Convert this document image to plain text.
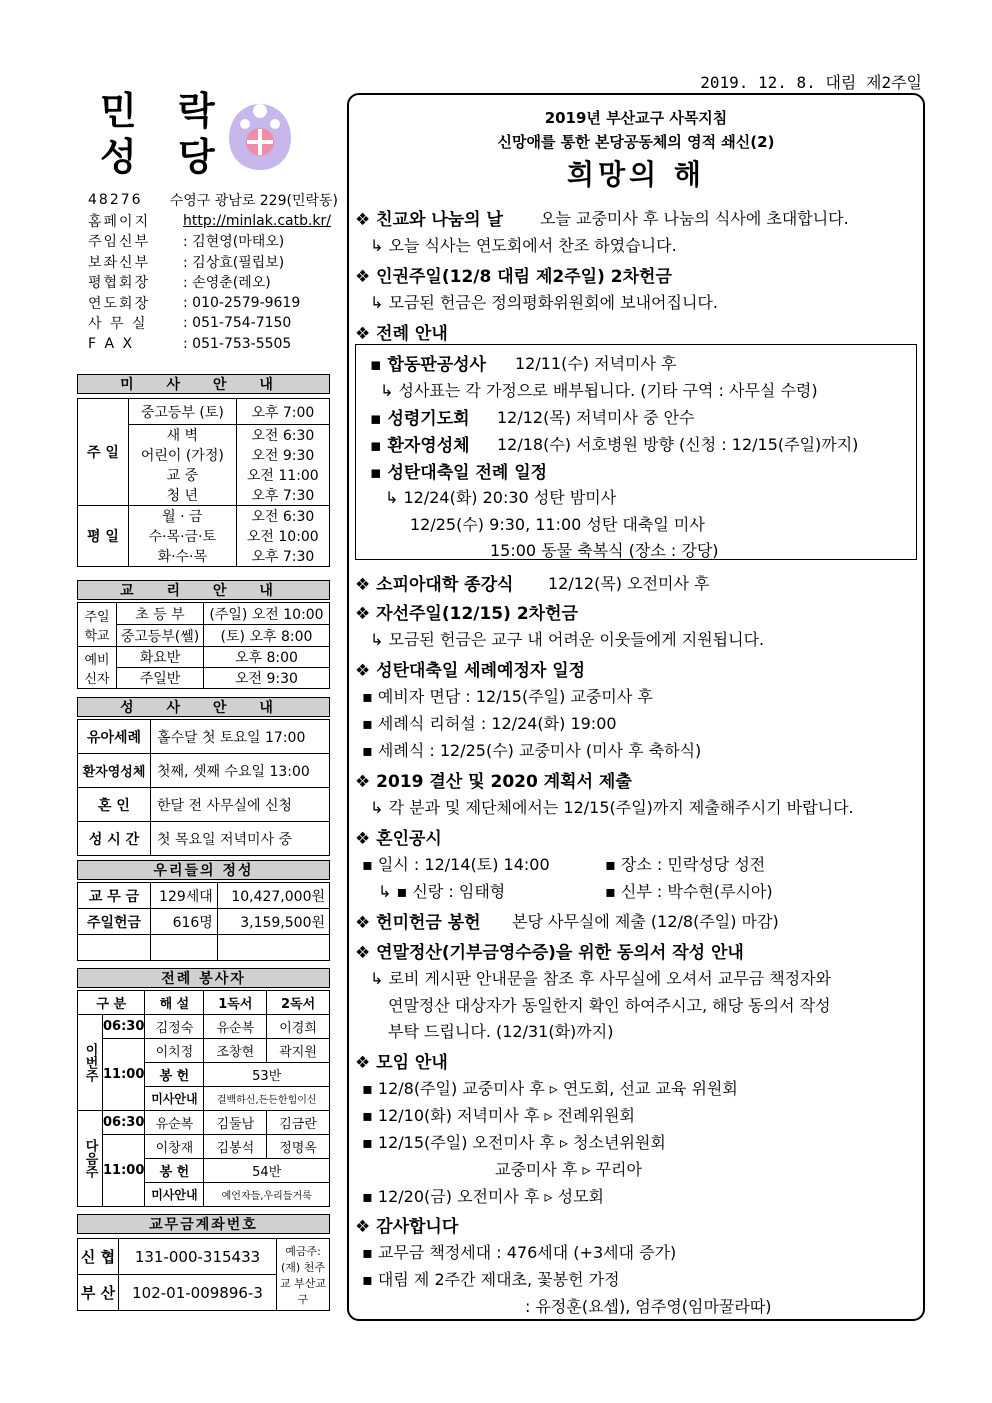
2019. 12. 8. 대림 제2주일
민 락
성 당
48276	수영구 광남로 229(민락동)
홈페이지	http://minlak.catb.kr/
주임신부	: 김현영(마태오)
보좌신부	: 김상효(필립보)
평협회장	: 손영춘(레오)
연도회장	: 010-2579-9619
사 무 실	: 051-754-7150
F A X	: 051-753-5505
미 사 안 내
주 일	중고등부 (토)	오후 7:00
	새 벽	오전 6:30
	어린이 (가정)	오전 9:30
	교 중	오전 11:00
	청 년	오후 7:30
평 일	월 · 금	오전 6:30
	수·목·금·토	오전 10:00
	화·수·목	오후 7:30
교 리 안 내
주일 학교	초 등 부	(주일) 오전 10:00
	중고등부(쎌)	(토) 오후 8:00
예비 신자	화요반	오후 8:00
	주일반	오전 9:30
성 사 안 내
유아세례	홀수달 첫 토요일 17:00
환자영성체	첫째, 셋째 수요일 13:00
혼 인	한달 전 사무실에 신청
성 시 간	첫 목요일 저녁미사 중
우리들의 정성
교 무 금	129세대	10,427,000원
주일헌금	616명	3,159,500원

전례 봉사자
구 분		해 설	1독서	2독서
이번주	06:30	김정숙	유순복	이경희
	11:00	이치정	조창현	곽지원
		봉 헌	53반	
		미사안내	걸백하신,든든한힘이신	
다음주	06:30	유순복	김둘남	김금란
	11:00	이창재	김봉석	정명옥
		봉 헌	54반	
		미사안내	예언자들,우리들거룩	
교무금계좌번호
신 협	131-000-315433	예금주: (재) 천주교 부산교구
부 산	102-01-009896-3	
2019년 부산교구 사목지침
신망애를 통한 본당공동체의 영적 쇄신(2)
희망의 해
❖ 친교와 나눔의 날 오늘 교중미사 후 나눔의 식사에 초대합니다.
↳ 오늘 식사는 연도회에서 찬조 하였습니다.
❖ 인권주일(12/8 대림 제2주일) 2차헌금
↳ 모금된 헌금은 정의평화위원회에 보내어집니다.
❖ 전례 안내
▪ 합동판공성사 12/11(수) 저녁미사 후
↳ 성사표는 각 가정으로 배부됩니다. (기타 구역 : 사무실 수령)
▪ 성령기도회 12/12(목) 저녁미사 중 안수
▪ 환자영성체 12/18(수) 서호병원 방향 (신청 : 12/15(주일)까지)
▪ 성탄대축일 전례 일정
↳ 12/24(화) 20:30 성탄 밤미사
12/25(수) 9:30, 11:00 성탄 대축일 미사
15:00 동물 축복식 (장소 : 강당)
❖ 소피아대학 종강식 12/12(목) 오전미사 후
❖ 자선주일(12/15) 2차헌금
↳ 모금된 헌금은 교구 내 어려운 이웃들에게 지원됩니다.
❖ 성탄대축일 세례예정자 일정
▪ 예비자 면담 : 12/15(주일) 교중미사 후
▪ 세례식 리허설 : 12/24(화) 19:00
▪ 세례식 : 12/25(수) 교중미사 (미사 후 축하식)
❖ 2019 결산 및 2020 계획서 제출
↳ 각 분과 및 제단체에서는 12/15(주일)까지 제출해주시기 바랍니다.
❖ 혼인공시
▪ 일시 : 12/14(토) 14:00	▪ 장소 : 민락성당 성전
↳ ▪ 신랑 : 임태형	▪ 신부 : 박수현(루시아)
❖ 헌미헌금 봉헌 본당 사무실에 제출 (12/8(주일) 마감)
❖ 연말정산(기부금영수증)을 위한 동의서 작성 안내
↳ 로비 게시판 안내문을 참조 후 사무실에 오셔서 교무금 책정자와
연말정산 대상자가 동일한지 확인 하여주시고, 해당 동의서 작성
부탁 드립니다. (12/31(화)까지)
❖ 모임 안내
▪ 12/8(주일) 교중미사 후 ▹ 연도회, 선교 교육 위원회
▪ 12/10(화) 저녁미사 후 ▹ 전례위원회
▪ 12/15(주일) 오전미사 후 ▹ 청소년위원회
교중미사 후 ▹ 꾸리아
▪ 12/20(금) 오전미사 후 ▹ 성모회
❖ 감사합니다
▪ 교무금 책정세대 : 476세대 (+3세대 증가)
▪ 대림 제 2주간 제대초, 꽃봉헌 가정
: 유정훈(요셉), 엄주영(임마꿀라따)
